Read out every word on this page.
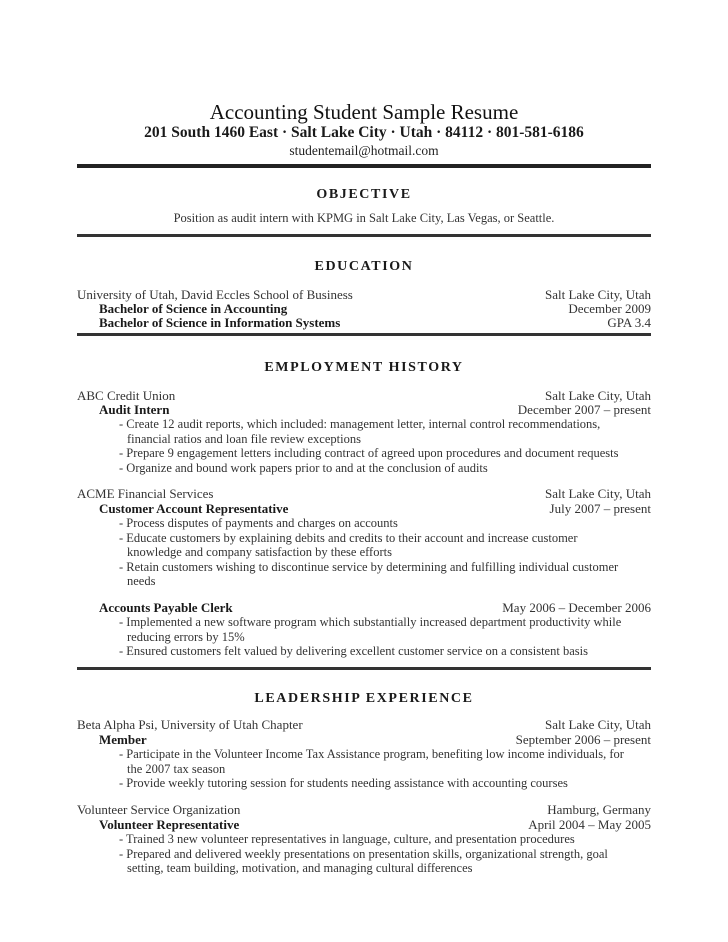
Accounting Student Sample Resume
201 South 1460 East · Salt Lake City · Utah · 84112 · 801-581-6186
studentemail@hotmail.com
OBJECTIVE
Position as audit intern with KPMG in Salt Lake City, Las Vegas, or Seattle.
EDUCATION
University of Utah, David Eccles School of Business	Salt Lake City, Utah
Bachelor of Science in Accounting	December 2009
Bachelor of Science in Information Systems	GPA 3.4
EMPLOYMENT HISTORY
ABC Credit Union	Salt Lake City, Utah
Audit Intern	December 2007 – present
- Create 12 audit reports, which included: management letter, internal control recommendations, financial ratios and loan file review exceptions
- Prepare 9 engagement letters including contract of agreed upon procedures and document requests
- Organize and bound work papers prior to and at the conclusion of audits
ACME Financial Services	Salt Lake City, Utah
Customer Account Representative	July 2007 – present
- Process disputes of payments and charges on accounts
- Educate customers by explaining debits and credits to their account and increase customer knowledge and company satisfaction by these efforts
- Retain customers wishing to discontinue service by determining and fulfilling individual customer needs
Accounts Payable Clerk	May 2006 – December 2006
- Implemented a new software program which substantially increased department productivity while reducing errors by 15%
- Ensured customers felt valued by delivering excellent customer service on a consistent basis
LEADERSHIP EXPERIENCE
Beta Alpha Psi, University of Utah Chapter	Salt Lake City, Utah
Member	September 2006 – present
- Participate in the Volunteer Income Tax Assistance program, benefiting low income individuals, for the 2007 tax season
- Provide weekly tutoring session for students needing assistance with accounting courses
Volunteer Service Organization	Hamburg, Germany
Volunteer Representative	April 2004 – May 2005
- Trained 3 new volunteer representatives in language, culture, and presentation procedures
- Prepared and delivered weekly presentations on presentation skills, organizational strength, goal setting, team building, motivation, and managing cultural differences
